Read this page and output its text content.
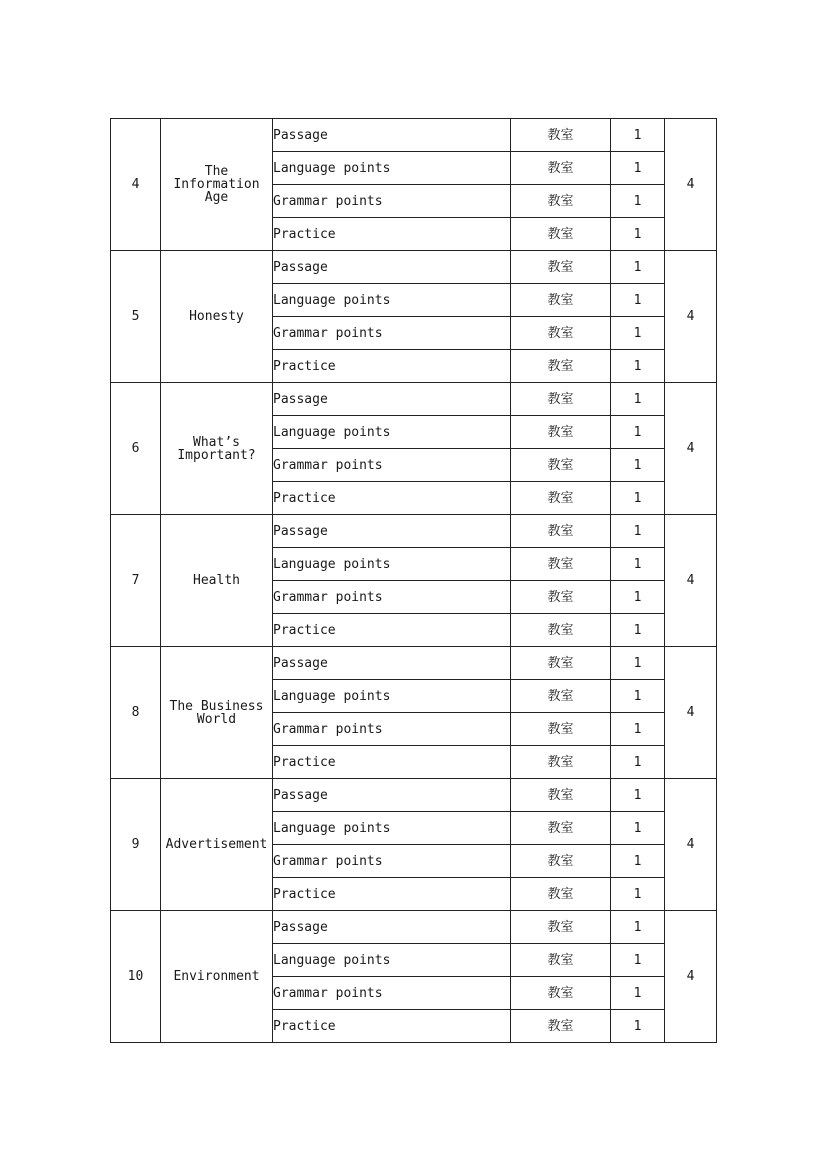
4	The Information Age	Passage	教室	1	4
		Language points	教室	1	
		Grammar points	教室	1	
		Practice	教室	1	
5	Honesty	Passage	教室	1	4
		Language points	教室	1	
		Grammar points	教室	1	
		Practice	教室	1	
6	What’s Important?	Passage	教室	1	4
		Language points	教室	1	
		Grammar points	教室	1	
		Practice	教室	1	
7	Health	Passage	教室	1	4
		Language points	教室	1	
		Grammar points	教室	1	
		Practice	教室	1	
8	The Business World	Passage	教室	1	4
		Language points	教室	1	
		Grammar points	教室	1	
		Practice	教室	1	
9	Advertisement	Passage	教室	1	4
		Language points	教室	1	
		Grammar points	教室	1	
		Practice	教室	1	
10	Environment	Passage	教室	1	4
		Language points	教室	1	
		Grammar points	教室	1	
		Practice	教室	1	
